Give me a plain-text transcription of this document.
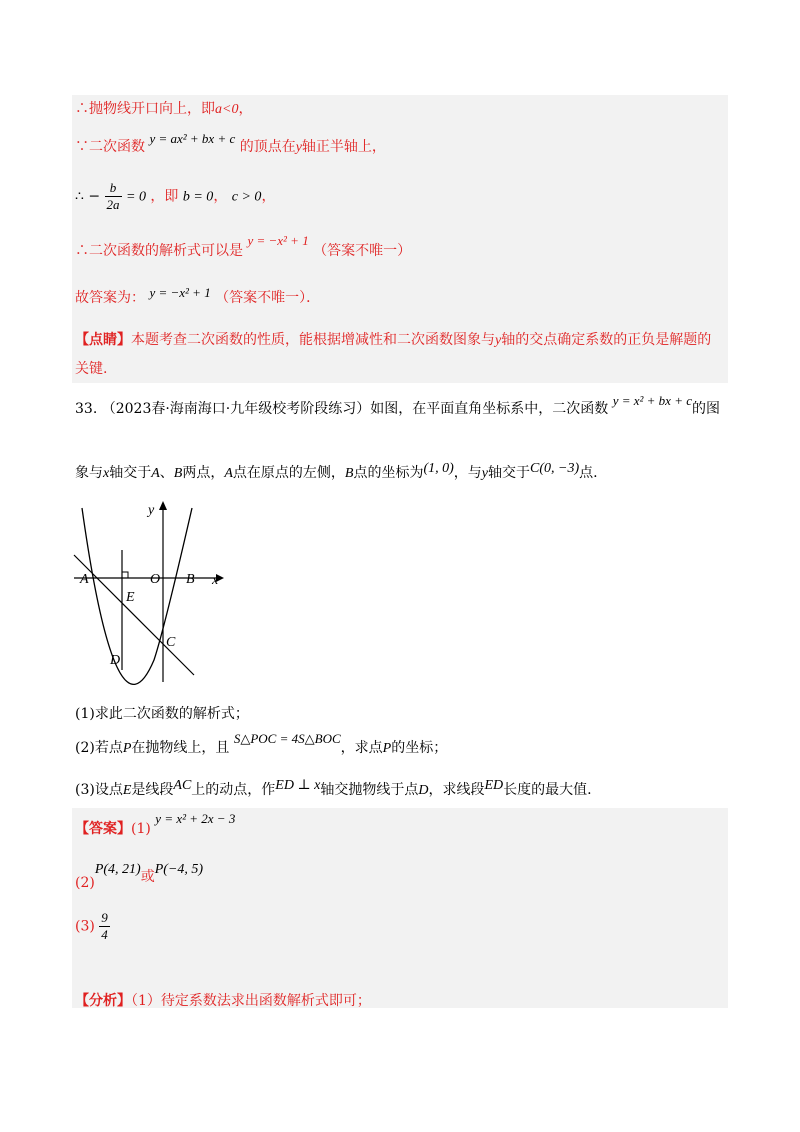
∴抛物线开口向上，即a<0，
∵二次函数 y = ax² + bx + c 的顶点在y轴正半轴上，
∴ − $\frac{b}{2a} = 0$ ，即 b = 0， c > 0，
∴二次函数的解析式可以是 y = −x² + 1 （答案不唯一）
故答案为： y = −x² + 1 （答案不唯一）．
【点睛】本题考查二次函数的性质，能根据增减性和二次函数图象与y轴的交点确定系数的正负是解题的
关键.
33. （2023春·海南海口·九年级校考阶段练习）如图，在平面直角坐标系中，二次函数 y = x² + bx + c的图
象与x轴交于A、B两点，A点在原点的左侧，B点的坐标为(1, 0)，与y轴交于C(0, −3)点.
y
x
A	O B
E
C
D
(1)求此二次函数的解析式；
(2)若点P在抛物线上，且 S△POC = 4S△BOC，求点P的坐标；
(3)设点E是线段AC上的动点，作ED ⊥ x轴交抛物线于点D，求线段ED长度的最大值.
【答案】(1) y = x² + 2x − 3
(2)P(4, 21)或P(−4, 5)
$(3) \frac{9}{4}$
【分析】（1）待定系数法求出函数解析式即可；
